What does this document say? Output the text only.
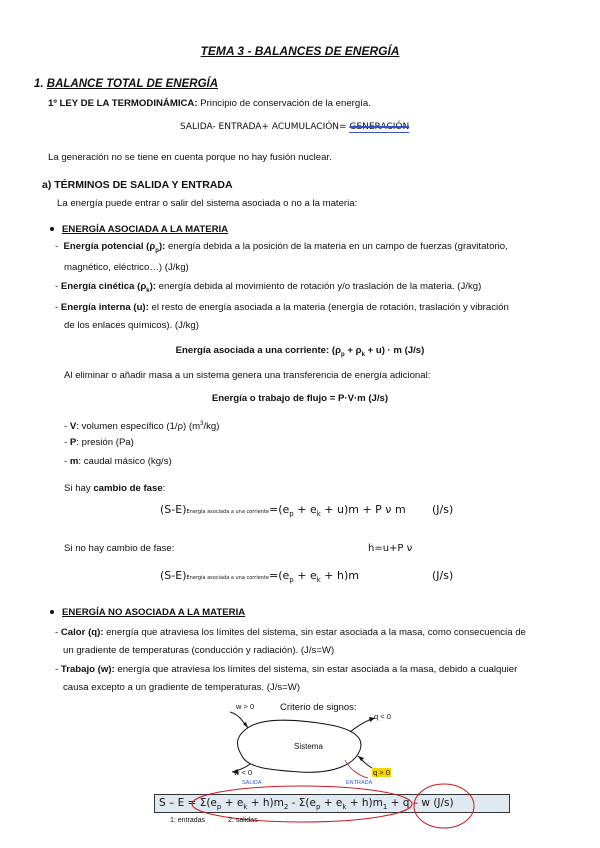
TEMA 3 - BALANCES DE ENERGÍA
1. BALANCE TOTAL DE ENERGÍA
1º LEY DE LA TERMODINÁMICA: Principio de conservación de la energía.
SALIDA- ENTRADA+ ACUMULACIÓN= GENERACIÓN
La generación no se tiene en cuenta porque no hay fusión nuclear.
a) TÉRMINOS DE SALIDA Y ENTRADA
La energía puede entrar o salir del sistema asociada o no a la materia:
ENERGÍA ASOCIADA A LA MATERIA
-  Energía potencial $(\rho_p)$: energía debida a la posición de la materia en un campo de fuerzas (gravitatorio,
magnético, eléctrico…) (J/kg)
- Energía cinética $(\rho_k)$: energía debida al movimiento de rotación y/o traslación de la materia. (J/kg)
- Energía interna (u): el resto de energía asociada a la materia (energía de rotación, traslación y vibración
de los enlaces químicos). (J/kg)
Energía asociada a una corriente: $(\rho_p + \rho_k + u) \cdot m$ (J/s)
Al eliminar o añadir masa a un sistema genera una transferencia de energía adicional:
Energía o trabajo de flujo = P·V·m (J/s)
- V: volumen específico (1/ρ) $(m^3/kg)$
- P: presión (Pa)
- m: caudal másico (kg/s)
Si hay cambio de fase:
(S-E)Energía asociada a una $corriente=(e_p + e_k + u)m + P$ ν m (J/s)
Si no hay cambio de fase:	h=u+P ν
(S-E)Energía asociada a una $corriente=(e_p + e_k + h)m$	(J/s)
ENERGÍA NO ASOCIADA A LA MATERIA
- Calor (q): energía que atraviesa los límites del sistema, sin estar asociada a la masa, como consecuencia de
un gradiente de temperaturas (conducción y radiación). (J/s=W)
- Trabajo (w): energía que atraviesa los límites del sistema, sin estar asociada a la masa, debido a cualquier
causa excepto a un gradiente de temperaturas. (J/s=W)
Criterio de signos:
Sistema
w > 0
q < 0
w < 0	q > 0
SALIDA	ENTRADA
$S - E = \Sigma(e_p + e_k + h)m_2 - \Sigma(e_p + e_k + h)m_1 + q - w$ (J/s)
1: entradas	2: salidas
